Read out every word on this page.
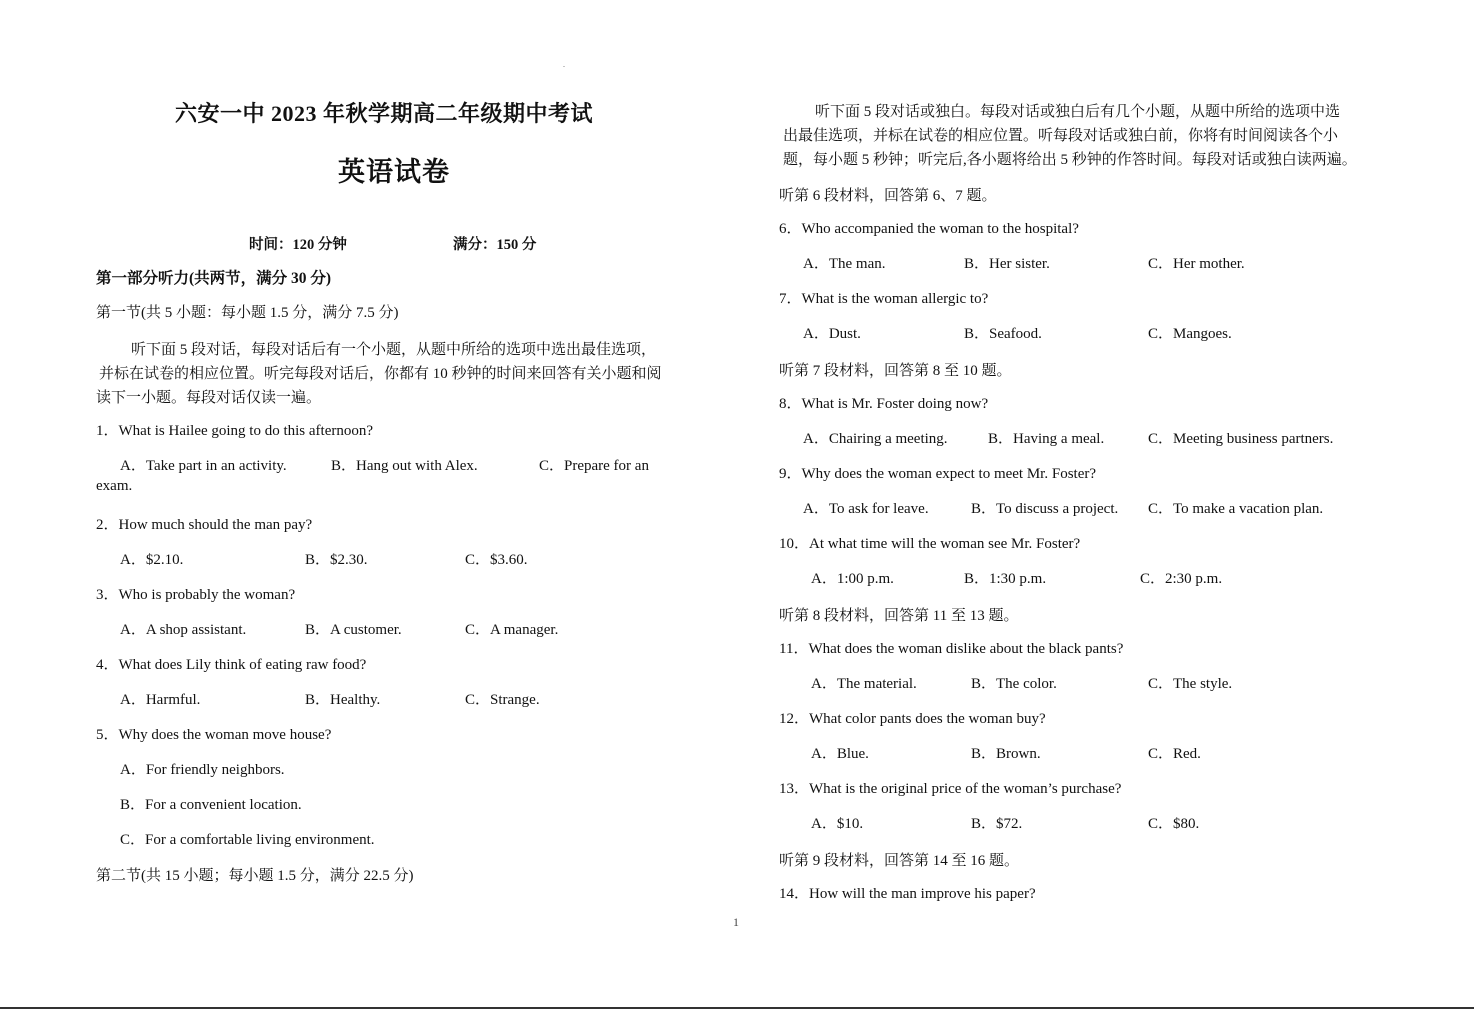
.
六安一中 2023 年秋学期高二年级期中考试
英语试卷
时间：120 分钟	满分：150 分
第一部分听力(共两节，满分 30 分)
第一节(共 5 小题：每小题 1.5 分，满分 7.5 分)
听下面 5 段对话，每段对话后有一个小题，从题中所给的选项中选出最佳选项，
并标在试卷的相应位置。听完每段对话后，你都有 10 秒钟的时间来回答有关小题和阅
读下一小题。每段对话仅读一遍。
1．What is Hailee going to do this afternoon?
A．Take part in an activity.	B．Hang out with Alex.	C．Prepare for an
exam.
2．How much should the man pay?
A．$2.10.	B．$2.30.	C．$3.60.
3．Who is probably the woman?
A．A shop assistant.	B．A customer.	C．A manager.
4．What does Lily think of eating raw food?
A．Harmful.	B．Healthy.	C．Strange.
5．Why does the woman move house?
A．For friendly neighbors.
B．For a convenient location.
C．For a comfortable living environment.
第二节(共 15 小题；每小题 1.5 分，满分 22.5 分)
听下面 5 段对话或独白。每段对话或独白后有几个小题，从题中所给的选项中选
出最佳选项，并标在试卷的相应位置。听每段对话或独白前，你将有时间阅读各个小
题，每小题 5 秒钟；听完后,各小题将给出 5 秒钟的作答时间。每段对话或独白读两遍。
听第 6 段材料，回答第 6、7 题。
6．Who accompanied the woman to the hospital?
A．The man.	B．Her sister.	C．Her mother.
7．What is the woman allergic to?
A．Dust.	B．Seafood.	C．Mangoes.
听第 7 段材料，回答第 8 至 10 题。
8．What is Mr. Foster doing now?
A．Chairing a meeting.	B．Having a meal.	C．Meeting business partners.
9．Why does the woman expect to meet Mr. Foster?
A．To ask for leave.	B．To discuss a project. C．To make a vacation plan.
10．At what time will the woman see Mr. Foster?
A．1:00 p.m.	B．1:30 p.m.	C．2:30 p.m.
听第 8 段材料，回答第 11 至 13 题。
11．What does the woman dislike about the black pants?
A．The material.	B．The color.	C．The style.
12．What color pants does the woman buy?
A．Blue.	B．Brown.	C．Red.
13．What is the original price of the woman’s purchase?
A．$10.	B．$72.	C．$80.
听第 9 段材料，回答第 14 至 16 题。
14．How will the man improve his paper?
1
